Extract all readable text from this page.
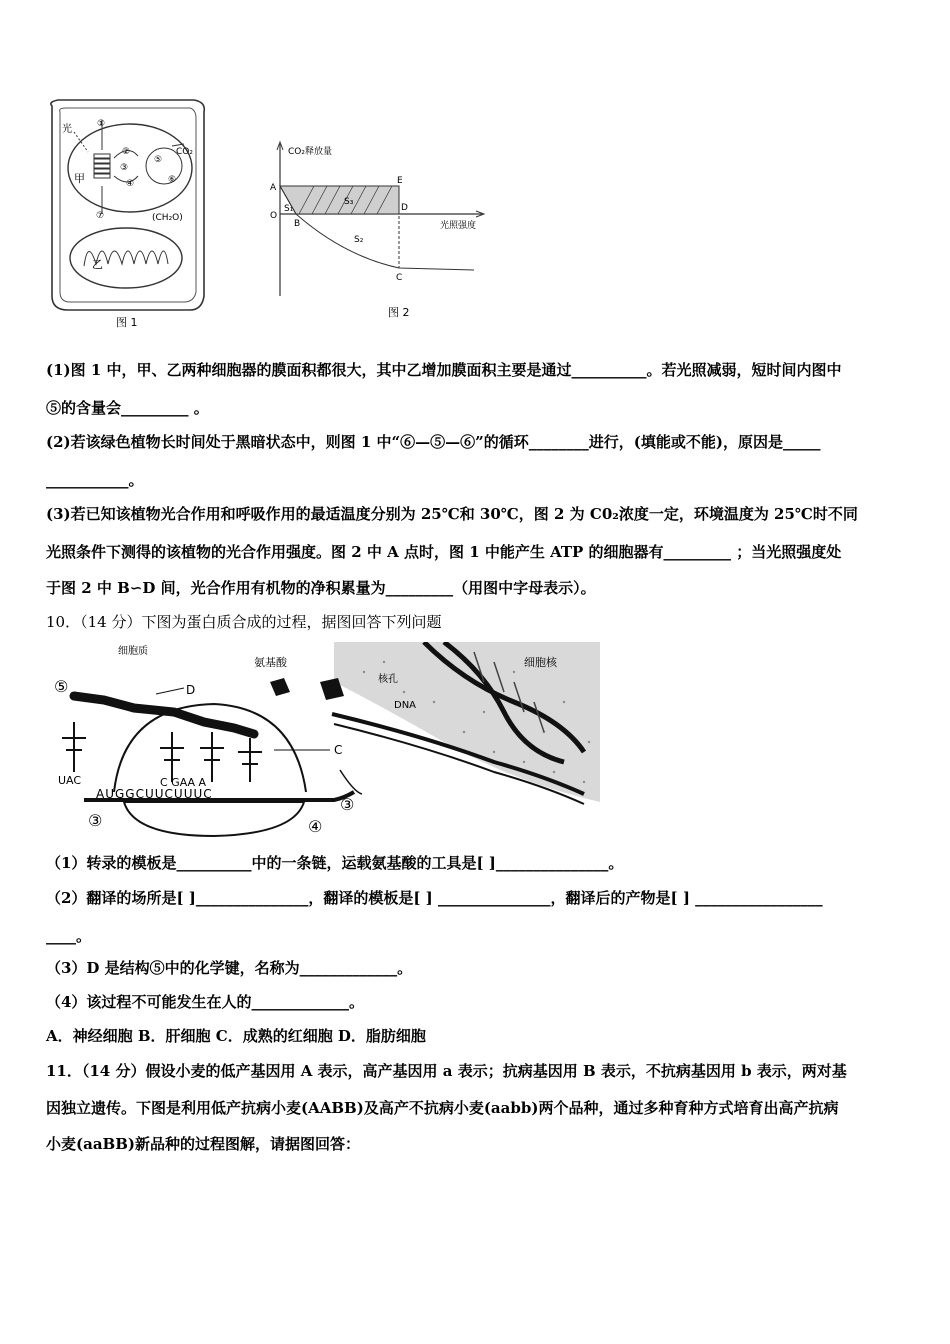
光
甲
乙
CO₂
(CH₂O)
①
②
③
④
⑤
⑥
⑦
图 1
CO₂释放量
光照强度
A
O
B
E
D
C
S₁
S₃
S₂
图 2
(1)图 1 中，甲、乙两种细胞器的膜面积都很大，其中乙增加膜面积主要是通过__________。若光照减弱，短时间内图中
⑤的含量会_________ 。
(2)若该绿色植物长时间处于黑暗状态中，则图 1 中“⑥—⑤—⑥”的循环________进行，(填能或不能)，原因是_____
___________。
(3)若已知该植物光合作用和呼吸作用的最适温度分别为 25℃和 30℃，图 2 为 C0₂浓度一定，环境温度为 25℃时不同
光照条件下测得的该植物的光合作用强度。图 2 中 A 点时，图 1 中能产生 ATP 的细胞器有_________ ；当光照强度处
于图 2 中 B∽D 间，光合作用有机物的净积累量为_________（用图中字母表示）。
10．（14 分）下图为蛋白质合成的过程，据图回答下列问题
细胞质
氨基酸	细胞核
核孔
DNA
D
C
UAC	C GAA A
AUGGCUUCUUUC
⑤
③
③
④
（1）转录的模板是__________中的一条链，运载氨基酸的工具是[ ]_______________。
（2）翻译的场所是[ ]_______________，翻译的模板是[ ] _______________，翻译后的产物是[ ] _________________
____。
（3）D 是结构⑤中的化学键，名称为_____________。
（4）该过程不可能发生在人的_____________。
A．神经细胞 B．肝细胞 C．成熟的红细胞 D．脂肪细胞
11．（14 分）假设小麦的低产基因用 A 表示，高产基因用 a 表示；抗病基因用 B 表示，不抗病基因用 b 表示，两对基
因独立遗传。下图是利用低产抗病小麦(AABB)及高产不抗病小麦(aabb)两个品种，通过多种育种方式培育出高产抗病
小麦(aaBB)新品种的过程图解，请据图回答：
